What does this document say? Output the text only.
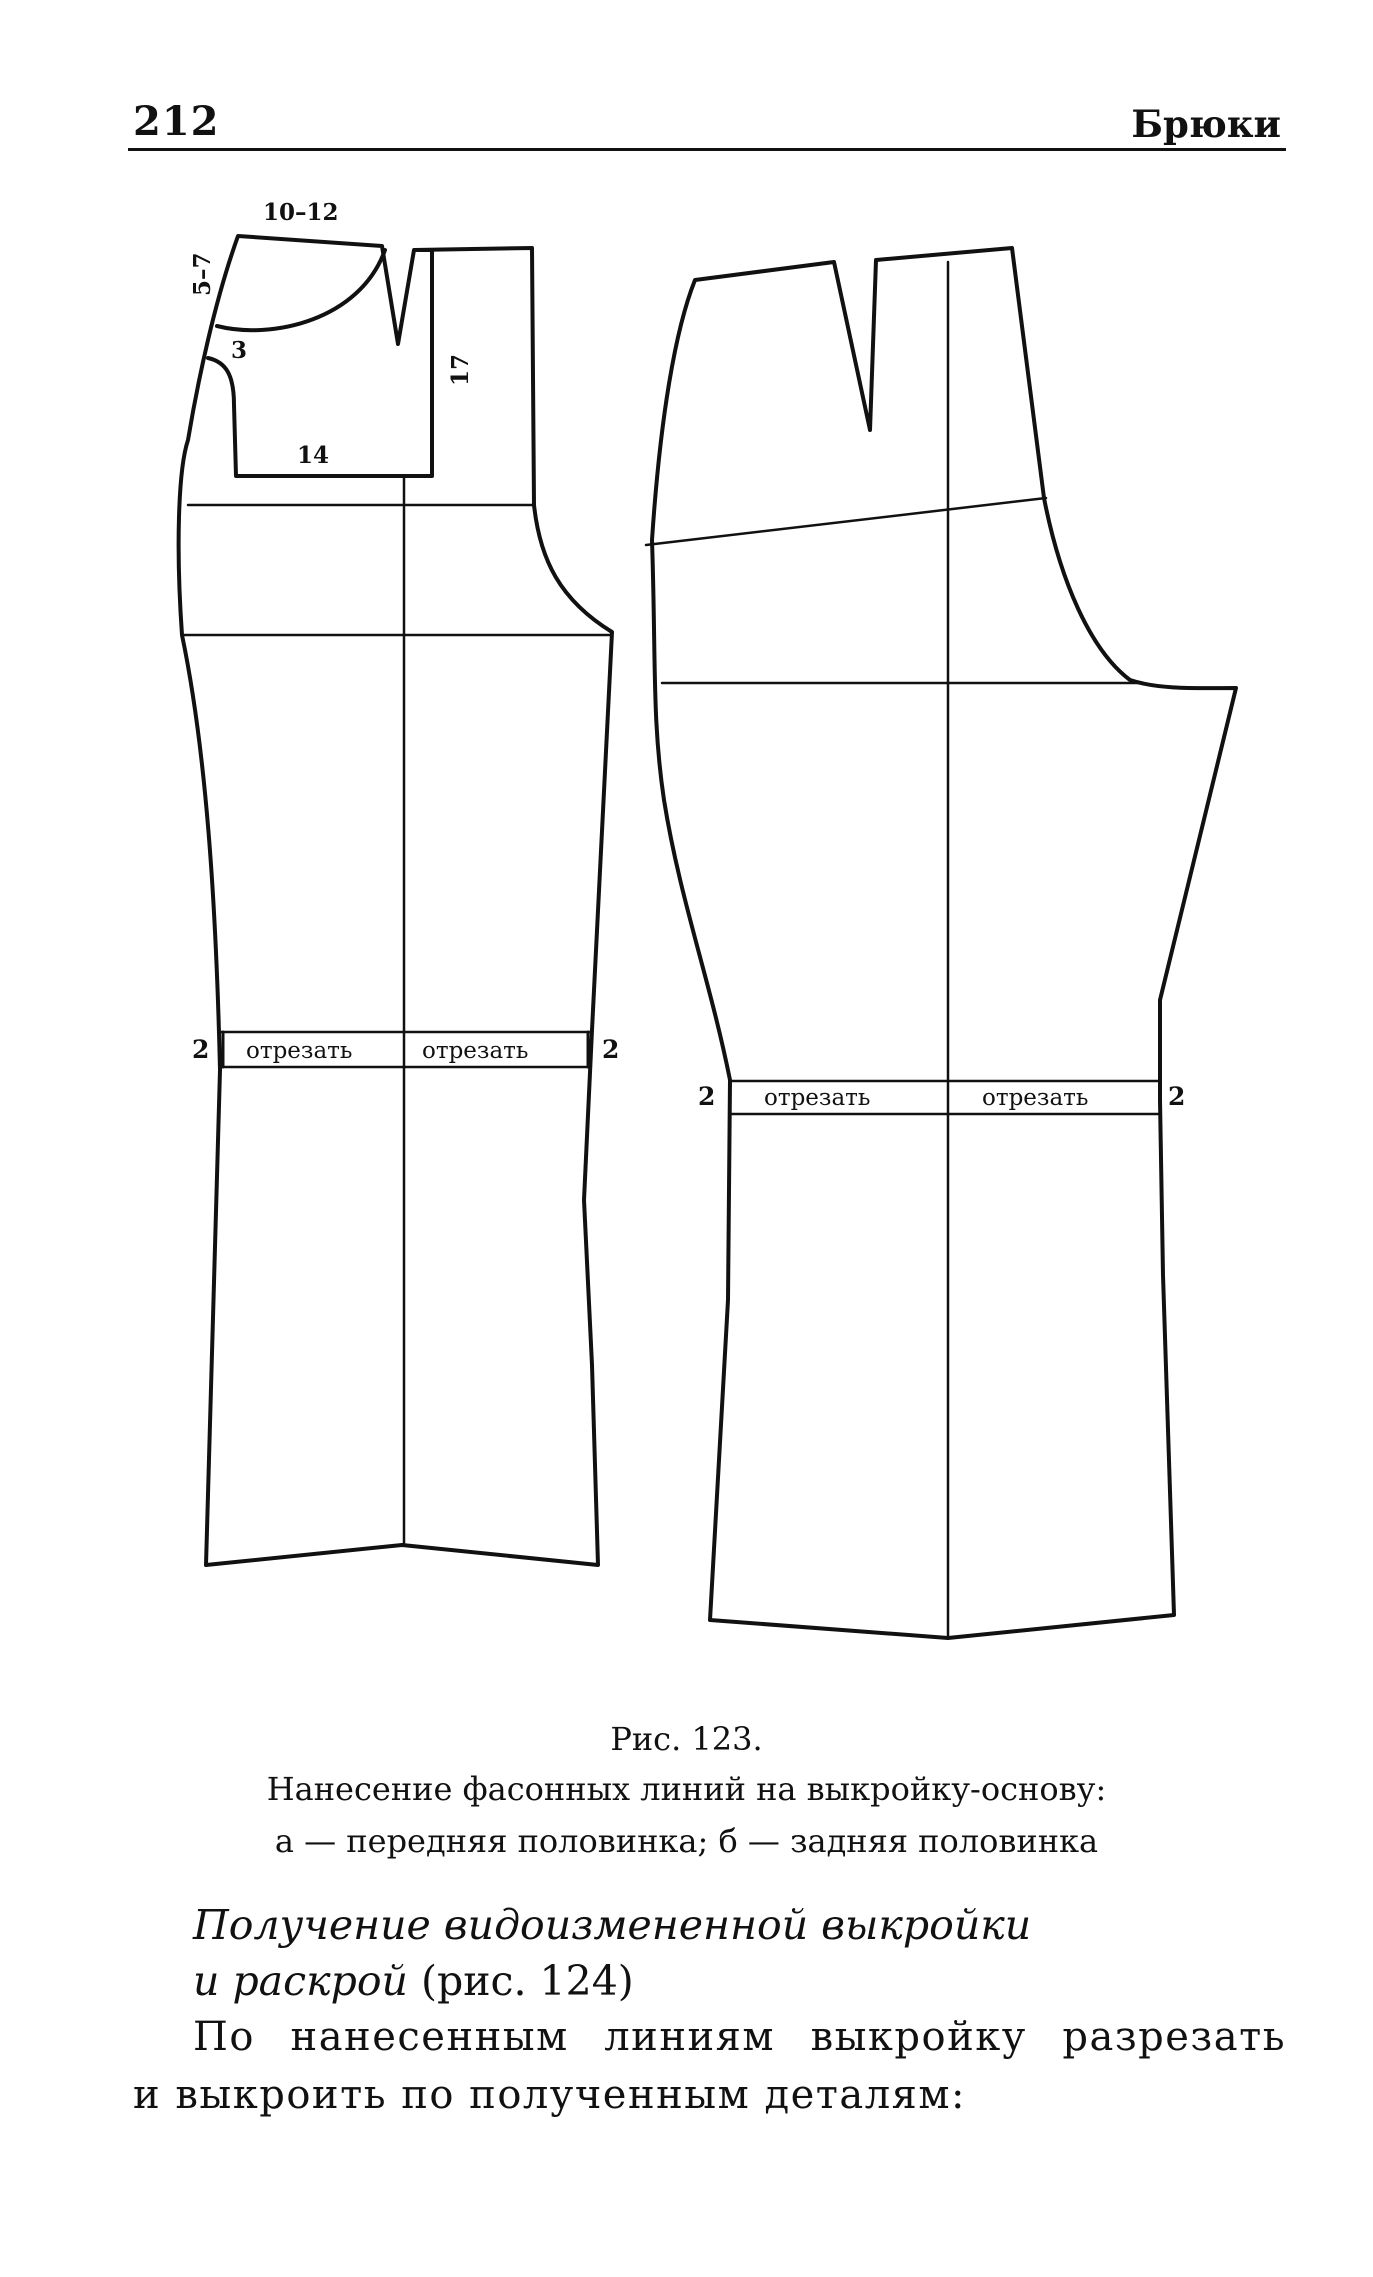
212	Брюки
10–12
5–7
3
14
17
2	2
отрезать	отрезать
2	2
отрезать	отрезать
Рис. 123.
Нанесение фасонных линий на выкройку-основу:
а — передняя половинка; б — задняя половинка
Получение видоизмененной выкройки
и раскрой (рис. 124)
По нанесенным линиям выкройку разрезать
и выкроить по полученным деталям:
